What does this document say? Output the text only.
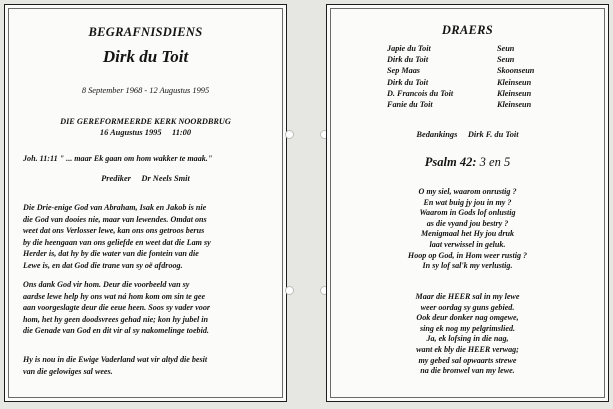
BEGRAFNISDIENS
Dirk du Toit
8 September 1968 - 12 Augustus 1995
DIE GEREFORMEERDE KERK NOORDBRUG
16 Augustus 1995     11:00
Joh. 11:11 " ... maar Ek gaan om hom wakker te maak."
Prediker     Dr Neels Smit
Die Drie-enige God van Abraham, Isak en Jakob is nie
die God van dooies nie, maar van lewendes. Omdat ons
weet dat ons Verlosser lewe, kan ons ons getroos berus
by die heengaan van ons geliefde en weet dat die Lam sy
Herder is, dat hy by die water van die fontein van die
Lewe is, en dat God die trane van sy oë afdroog.
Ons dank God vir hom. Deur die voorbeeld van sy
aardse lewe help hy ons wat ná hom kom om sin te gee
aan voorgeslagte deur die eeue heen. Soos sy vader voor
hom, het hy geen doodsvrees gehad nie; kon hy jubel in
die Genade van God en dit vir al sy nakomelinge toebid.
Hy is nou in die Ewige Vaderland wat vir altyd die besit
van die gelowiges sal wees.
DRAERS
Japie du Toit	Seun
Dirk du Toit	Seun
Sep Maas	Skoonseun
Dirk du Toit	Kleinseun
D. Francois du Toit	Kleinseun
Fanie du Toit	Kleinseun
Bedankings     Dirk F. du Toit
Psalm 42: 3 en 5
O my siel, waarom onrustig ?
En wat buig jy jou in my ?
Waarom in Gods lof onlustig
as die vyand jou bestry ?
Menigmaal het Hy jou druk
laat verwissel in geluk.
Hoop op God, in Hom weer rustig ?
In sy lof sal'k my verlustig.
Maar die HEER sal in my lewe
weer oordag sy guns gebied.
Ook deur donker nag omgewe,
sing ek nog my pelgrimslied.
Ja, ek lofsing in die nag,
want ek bly die HEER verwag;
my gebed sal opwaarts strewe
na die bronwel van my lewe.
